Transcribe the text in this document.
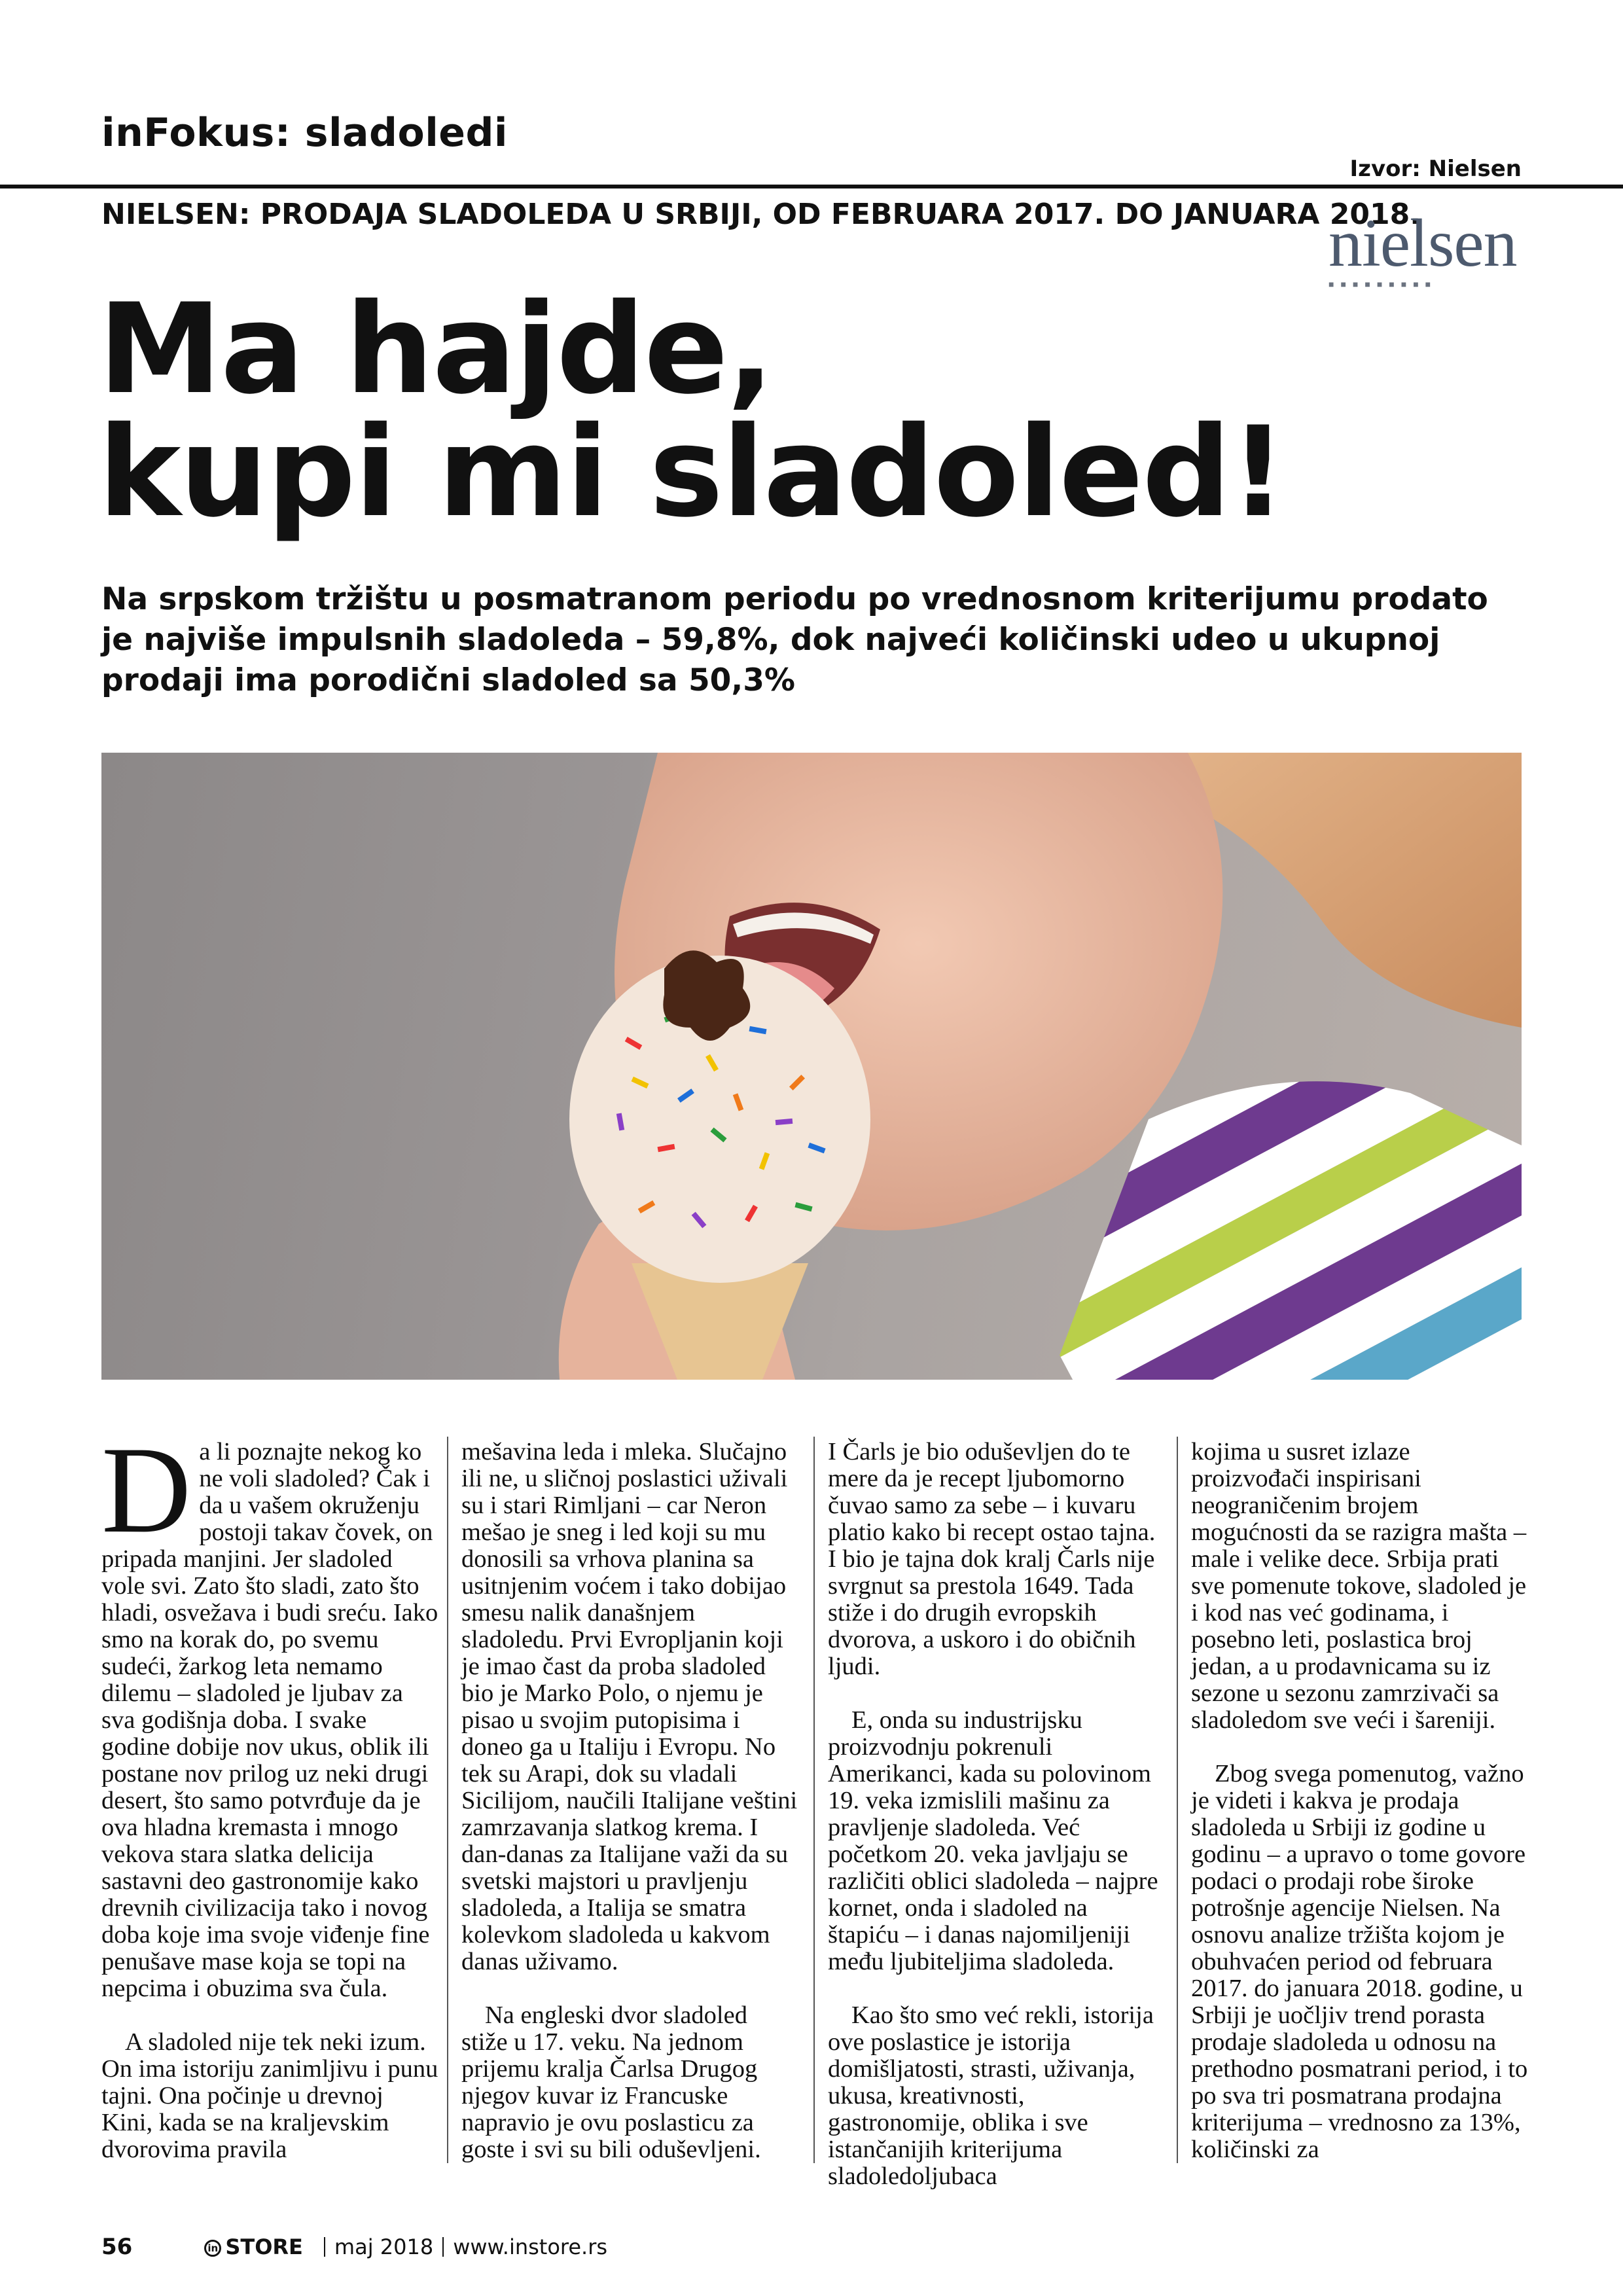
inFokus: sladoledi
Izvor: Nielsen
NIELSEN: PRODAJA SLADOLEDA U SRBIJI, OD FEBRUARA 2017. DO JANUARA 2018.
nielsen
■■■■■■■■■
Ma hajde,
kupi mi sladoled!
Na srpskom tržištu u posmatranom periodu po vrednosnom kriterijumu prodato je najviše impulsnih sladoleda – 59,8%, dok najveći količinski udeo u ukupnoj prodaji ima porodični sladoled sa 50,3%

Da li poznajte nekog ko ne voli sladoled? Čak i da u vašem okruženju postoji takav čovek, on pripada manjini. Jer sladoled vole svi. Zato što sladi, zato što hladi, osvežava i budi sreću. Iako smo na korak do, po svemu sudeći, žarkog leta nemamo dilemu – sladoled je ljubav za sva godišnja doba. I svake godine dobije nov ukus, oblik ili postane nov prilog uz neki drugi desert, što samo potvrđuje da je ova hladna kremasta i mnogo vekova stara slatka delicija sastavni deo gastronomije kako drevnih civilizacija tako i novog doba koje ima svoje viđenje fine penušave mase koja se topi na nepcima i obuzima sva čula.

A sladoled nije tek neki izum. On ima istoriju zanimljivu i punu tajni. Ona počinje u drevnoj Kini, kada se na kraljevskim dvorovima pravila

mešavina leda i mleka. Slučajno ili ne, u sličnoj poslastici uživali su i stari Rimljani – car Neron mešao je sneg i led koji su mu donosili sa vrhova planina sa usitnjenim voćem i tako dobijao smesu nalik današnjem sladoledu. Prvi Evropljanin koji je imao čast da proba sladoled bio je Marko Polo, o njemu je pisao u svojim putopisima i doneo ga u Italiju i Evropu. No tek su Arapi, dok su vladali Sicilijom, naučili Italijane veštini zamrzavanja slatkog krema. I dan-danas za Italijane važi da su svetski majstori u pravljenju sladoleda, a Italija se smatra kolevkom sladoleda u kakvom danas uživamo.

Na engleski dvor sladoled stiže u 17. veku. Na jednom prijemu kralja Čarlsa Drugog njegov kuvar iz Francuske napravio je ovu poslasticu za goste i svi su bili oduševljeni.

I Čarls je bio oduševljen do te mere da je recept ljubomorno čuvao samo za sebe – i kuvaru platio kako bi recept ostao tajna. I bio je tajna dok kralj Čarls nije svrgnut sa prestola 1649. Tada stiže i do drugih evropskih dvorova, a uskoro i do običnih ljudi.

E, onda su industrijsku proizvodnju pokrenuli Amerikanci, kada su polovinom 19. veka izmislili mašinu za pravljenje sladoleda. Već početkom 20. veka javljaju se različiti oblici sladoleda – najpre kornet, onda i sladoled na štapiću – i danas najomiljeniji među ljubiteljima sladoleda.

Kao što smo već rekli, istorija ove poslastice je istorija domišljatosti, strasti, uživanja, ukusa, kreativnosti, gastronomije, oblika i sve istančanijih kriterijuma sladoledoljubaca

kojima u susret izlaze proizvođači inspirisani neograničenim brojem mogućnosti da se razigra mašta – male i velike dece. Srbija prati sve pomenute tokove, sladoled je i kod nas već godinama, i posebno leti, poslastica broj jedan, a u prodavnicama su iz sezone u sezonu zamrzivači sa sladoledom sve veći i šareniji.

Zbog svega pomenutog, važno je videti i kakva je prodaja sladoleda u Srbiji iz godine u godinu – a upravo o tome govore podaci o prodaji robe široke potrošnje agencije Nielsen. Na osnovu analize tržišta kojom je obuhvaćen period od februara 2017. do januara 2018. godine, u Srbiji je uočljiv trend porasta prodaje sladoleda u odnosu na prethodno posmatrani period, i to po sva tri posmatrana prodajna kriterijuma – vrednosno za 13%, količinski za

56	in STORE maj 2018 www.instore.rs
